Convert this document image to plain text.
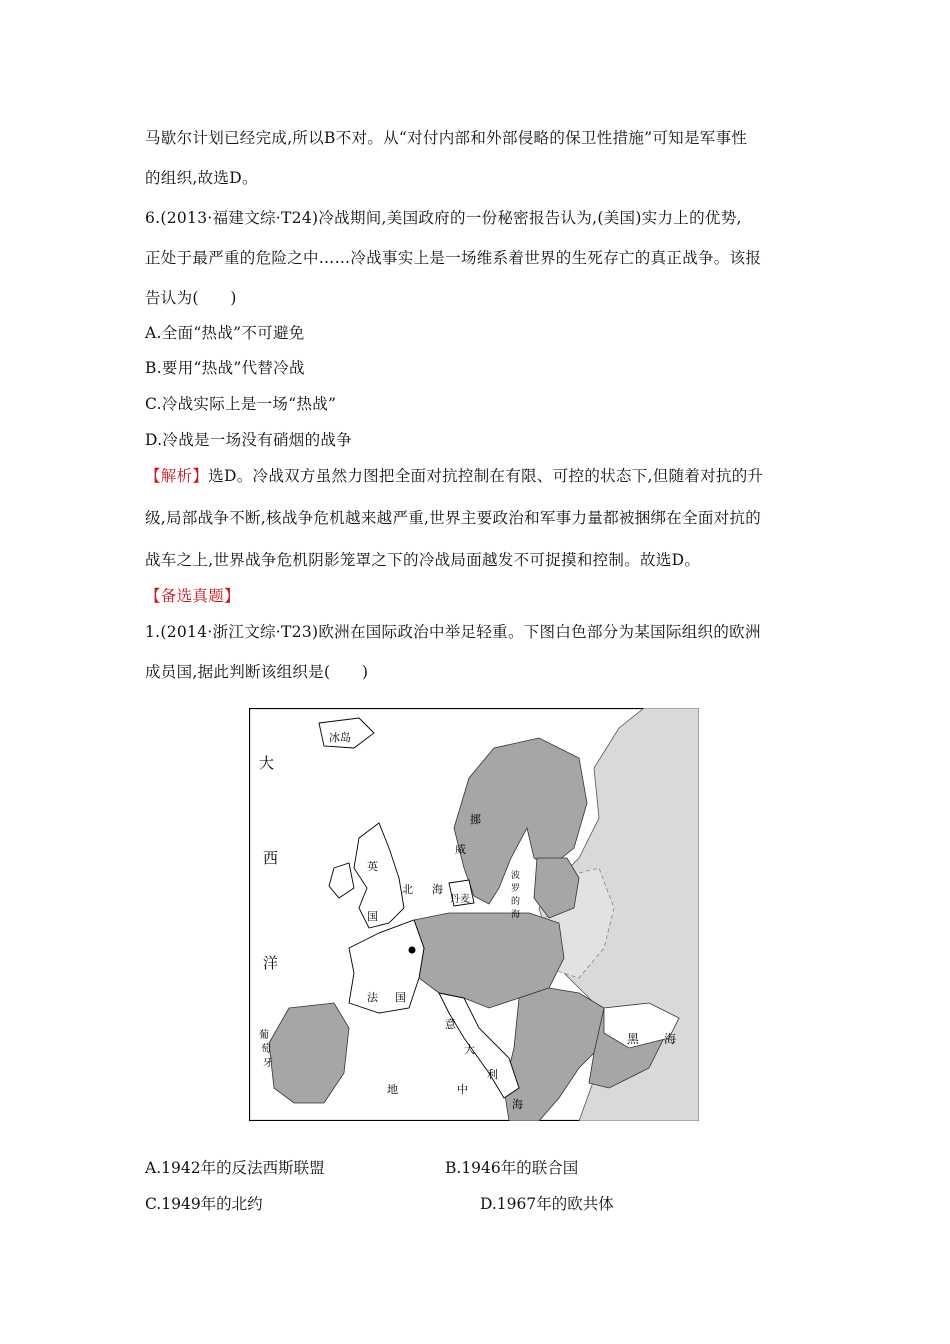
马歇尔计划已经完成,所以B不对。从“对付内部和外部侵略的保卫性措施”可知是军事性
的组织,故选D。
6.(2013·福建文综·T24)冷战期间,美国政府的一份秘密报告认为,(美国)实力上的优势,
正处于最严重的危险之中……冷战事实上是一场维系着世界的生死存亡的真正战争。该报
告认为(　　)
A.全面“热战”不可避免
B.要用“热战”代替冷战
C.冷战实际上是一场“热战”
D.冷战是一场没有硝烟的战争
【解析】选D。冷战双方虽然力图把全面对抗控制在有限、可控的状态下,但随着对抗的升
级,局部战争不断,核战争危机越来越严重,世界主要政治和军事力量都被捆绑在全面对抗的
战车之上,世界战争危机阴影笼罩之下的冷战局面越发不可捉摸和控制。故选D。
【备选真题】
1.(2014·浙江文综·T23)欧洲在国际政治中举足轻重。下图白色部分为某国际组织的欧洲
成员国,据此判断该组织是(　　)
冰岛
大
西
洋
英
国
北 海
挪
威
丹麦
波
罗
的
海
法 国
葡
萄
牙
意
大
利
地	中
海
黑 海
A.1942年的反法西斯联盟	B.1946年的联合国
C.1949年的北约	D.1967年的欧共体
